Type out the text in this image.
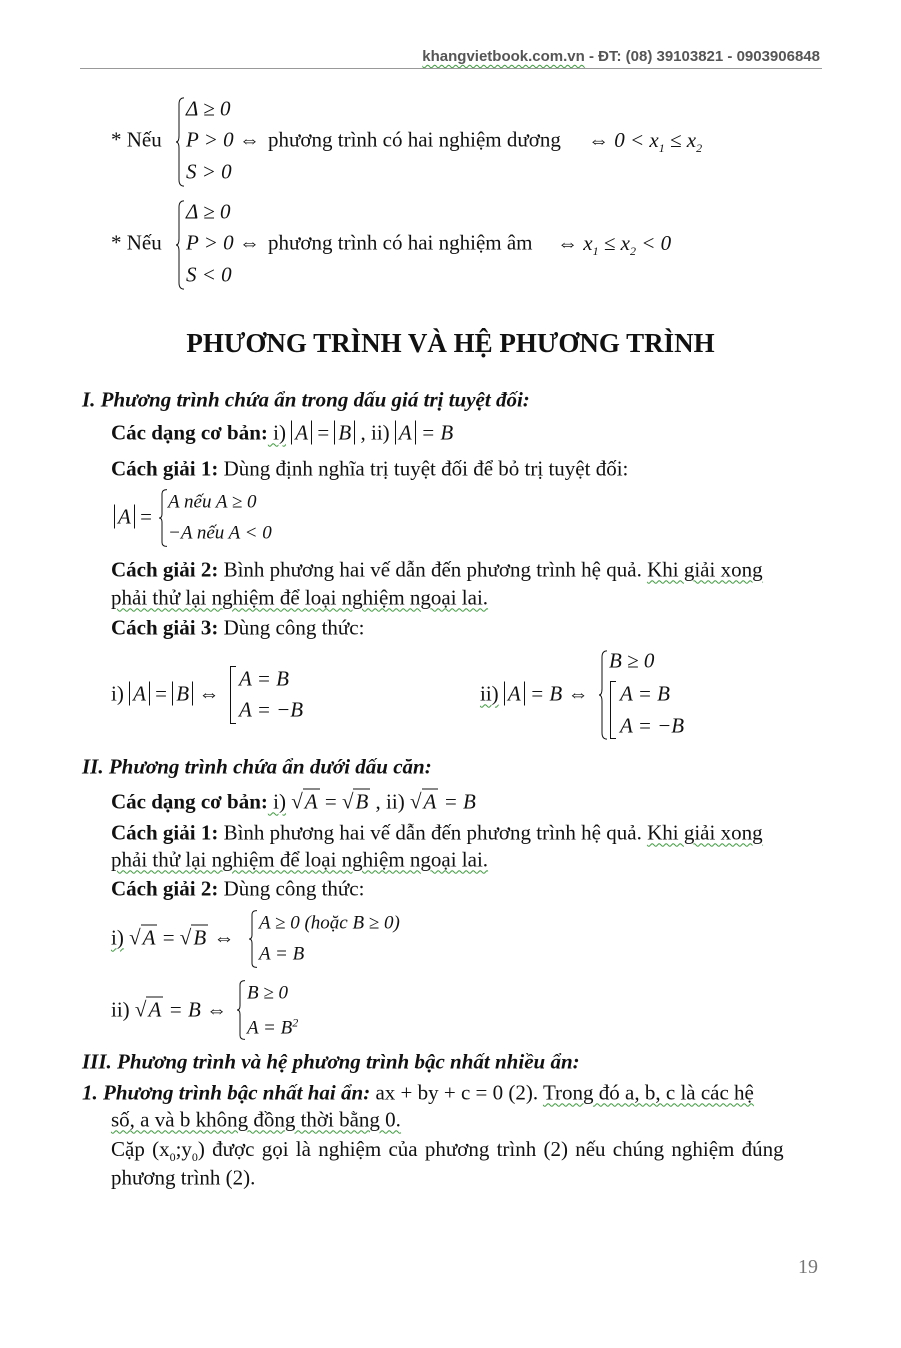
khangvietbook.com.vn - ĐT: (08) 39103821 - 0903906848
* Nếu
Δ ≥ 0
P > 0 ⇔
S > 0
phương trình có hai nghiệm dương ⇔ $0 < x_1 \le x_2$
* Nếu
Δ ≥ 0
P > 0 ⇔
S < 0
phương trình có hai nghiệm âm ⇔ $x_1 \le x_2 < 0$
PHƯƠNG TRÌNH VÀ HỆ PHƯƠNG TRÌNH
I. Phương trình chứa ẩn trong dấu giá trị tuyệt đối:
Các dạng cơ bản: i) A = B , ii) A = B
Cách giải 1: Dùng định nghĩa trị tuyệt đối để bỏ trị tuyệt đối:
A =
A nếu A ≥ 0
−A nếu A < 0
Cách giải 2: Bình phương hai vế dẫn đến phương trình hệ quả. Khi giải xong
phải thử lại nghiệm để loại nghiệm ngoại lai.
Cách giải 3: Dùng công thức:
i) A = B ⇔
A = B
A = −B
ii) A = B ⇔
B ≥ 0
A = B
A = −B
II. Phương trình chứa ẩn dưới dấu căn:
Các dạng cơ bản: i) √A = √B , ii) √A = B
Cách giải 1: Bình phương hai vế dẫn đến phương trình hệ quả. Khi giải xong
phải thử lại nghiệm để loại nghiệm ngoại lai.
Cách giải 2: Dùng công thức:
i) √A = √B ⇔
A ≥ 0 (hoặc B ≥ 0)
A = B
ii) √A = B ⇔
B ≥ 0
$A = B^2$
III. Phương trình và hệ phương trình bậc nhất nhiều ẩn:
1. Phương trình bậc nhất hai ẩn: ax + by + c = 0 (2). Trong đó a, b, c là các hệ
số, a và b không đồng thời bằng 0.
Cặp $(x_0;y_0)$ được gọi là nghiệm của phương trình (2) nếu chúng nghiệm đúng
phương trình (2).
19
